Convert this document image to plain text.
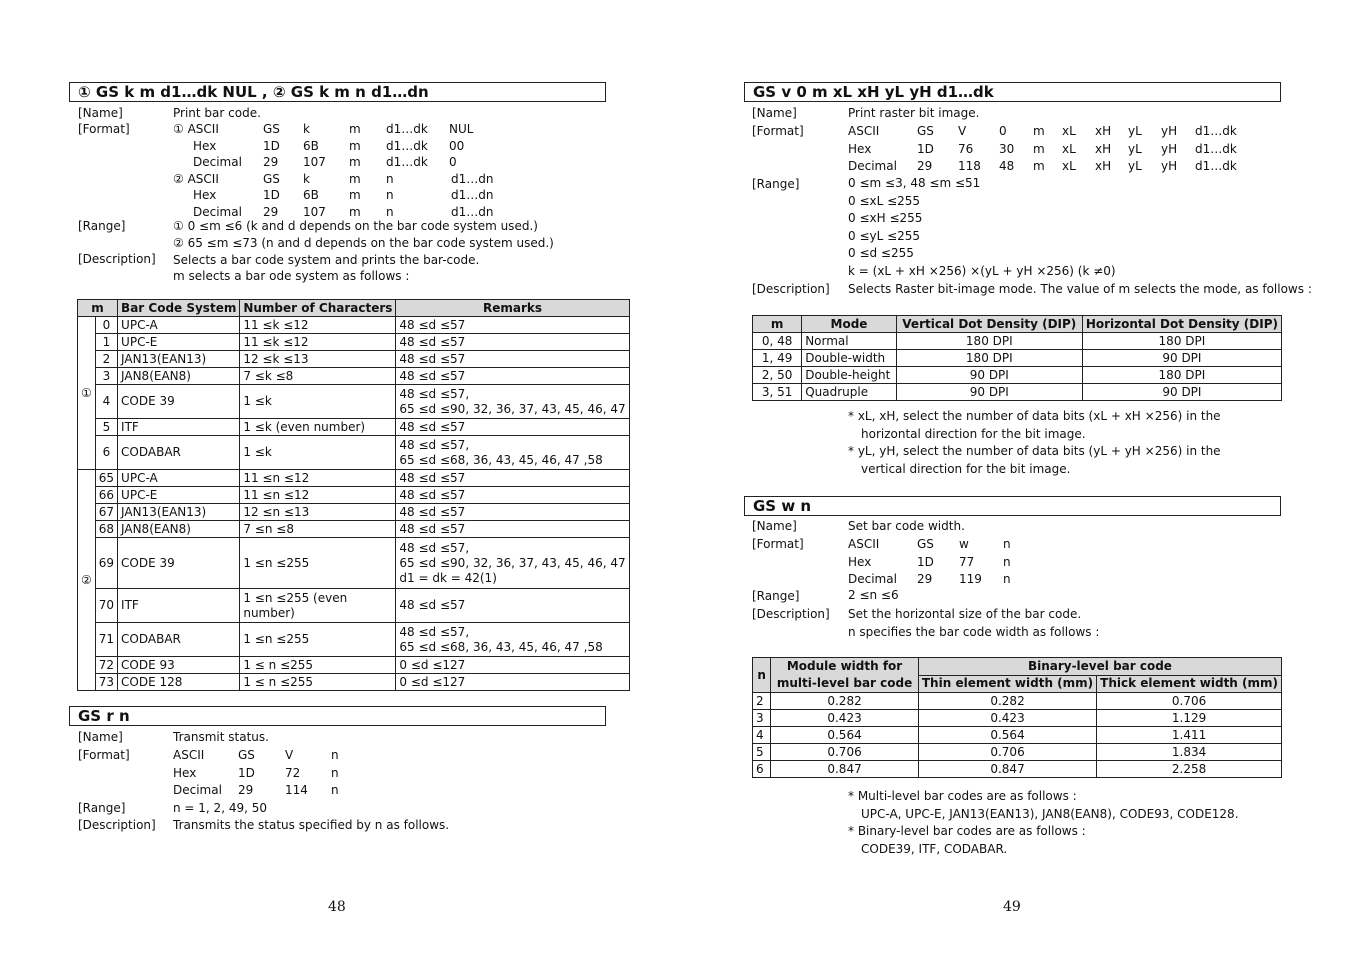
① GS k m d1…dk NUL , ② GS k m n d1…dn
[Name]	Print bar code.
[Format]	① ASCII	GS k	m d1…dk NUL
Hex	1D 6B	m d1…dk 00
Decimal 29 107 m d1…dk 0
② ASCII	GS k	m n	d1…dn
Hex	1D 6B	m n	d1…dn
Decimal 29 107 m n	d1…dn
[Range]	① 0 ≤m ≤6 (k and d depends on the bar code system used.)
② 65 ≤m ≤73 (n and d depends on the bar code system used.)
[Description] Selects a bar code system and prints the bar-code.
m selects a bar ode system as follows :
m		Bar Code System	Number of Characters	Remarks
①	0	UPC-A	11 ≤k ≤12	48 ≤d ≤57

	1	UPC-E	11 ≤k ≤12	48 ≤d ≤57

	2	JAN13(EAN13)	12 ≤k ≤13	48 ≤d ≤57

	3	JAN8(EAN8)	7 ≤k ≤8	48 ≤d ≤57

	4	CODE 39	1 ≤k	48 ≤d ≤57,
65 ≤d ≤90, 32, 36, 37, 43, 45, 46, 47

	5	ITF	1 ≤k (even number)	48 ≤d ≤57

	6	CODABAR	1 ≤k	48 ≤d ≤57,
65 ≤d ≤68, 36, 43, 45, 46, 47 ,58

②	65	UPC-A	11 ≤n ≤12	48 ≤d ≤57

	66	UPC-E	11 ≤n ≤12	48 ≤d ≤57

	67	JAN13(EAN13)	12 ≤n ≤13	48 ≤d ≤57

	68	JAN8(EAN8)	7 ≤n ≤8	48 ≤d ≤57

	69	CODE 39	1 ≤n ≤255	48 ≤d ≤57,
65 ≤d ≤90, 32, 36, 37, 43, 45, 46, 47
d1 = dk = 42(1)

	70	ITF	1 ≤n ≤255 (even number)	48 ≤d ≤57

	71	CODABAR	1 ≤n ≤255	48 ≤d ≤57,
65 ≤d ≤68, 36, 43, 45, 46, 47 ,58

	72	CODE 93	1 ≤ n ≤255	0 ≤d ≤127

	73	CODE 128	1 ≤ n ≤255	0 ≤d ≤127
GS r n
[Name]	Transmit status.
[Format]	ASCII	GS	V	n
Hex	1D	72	n
Decimal 29	114 n
[Range]	n = 1, 2, 49, 50
[Description] Transmits the status specified by n as follows.
48
GS v 0 m xL xH yL yH d1…dk
[Name]	Print raster bit image.
[Format]	ASCII	GS V	0 m xL xH yL yH d1…dk
Hex	1D 76 30 m xL xH yL yH d1…dk
Decimal 29 118 48 m xL xH yL yH d1…dk
[Range]	0 ≤m ≤3, 48 ≤m ≤51
0 ≤xL ≤255
0 ≤xH ≤255
0 ≤yL ≤255
0 ≤d ≤255
k = (xL + xH ×256) ×(yL + yH ×256) (k ≠0)
[Description] Selects Raster bit-image mode. The value of m selects the mode, as follows :
m	Mode	Vertical Dot Density (DIP)	Horizontal Dot Density (DIP)
0, 48	Normal	180 DPI	180 DPI
1, 49	Double-width	180 DPI	90 DPI
2, 50	Double-height	90 DPI	180 DPI
3, 51	Quadruple	90 DPI	90 DPI
* xL, xH, select the number of data bits (xL + xH ×256) in the
horizontal direction for the bit image.
* yL, yH, select the number of data bits (yL + yH ×256) in the
vertical direction for the bit image.
GS w n
[Name]	Set bar code width.
[Format]	ASCII	GS w	n
Hex	1D 77 n
Decimal 29 119 n
[Range]	2 ≤n ≤6
[Description] Set the horizontal size of the bar code.
n specifies the bar code width as follows :
n	Module width for
multi-level bar code	Binary-level bar code	
		Thin element width (mm)	Thick element width (mm)
2	0.282	0.282	0.706
3	0.423	0.423	1.129
4	0.564	0.564	1.411
5	0.706	0.706	1.834
6	0.847	0.847	2.258
* Multi-level bar codes are as follows :
UPC-A, UPC-E, JAN13(EAN13), JAN8(EAN8), CODE93, CODE128.
* Binary-level bar codes are as follows :
CODE39, ITF, CODABAR.
49
